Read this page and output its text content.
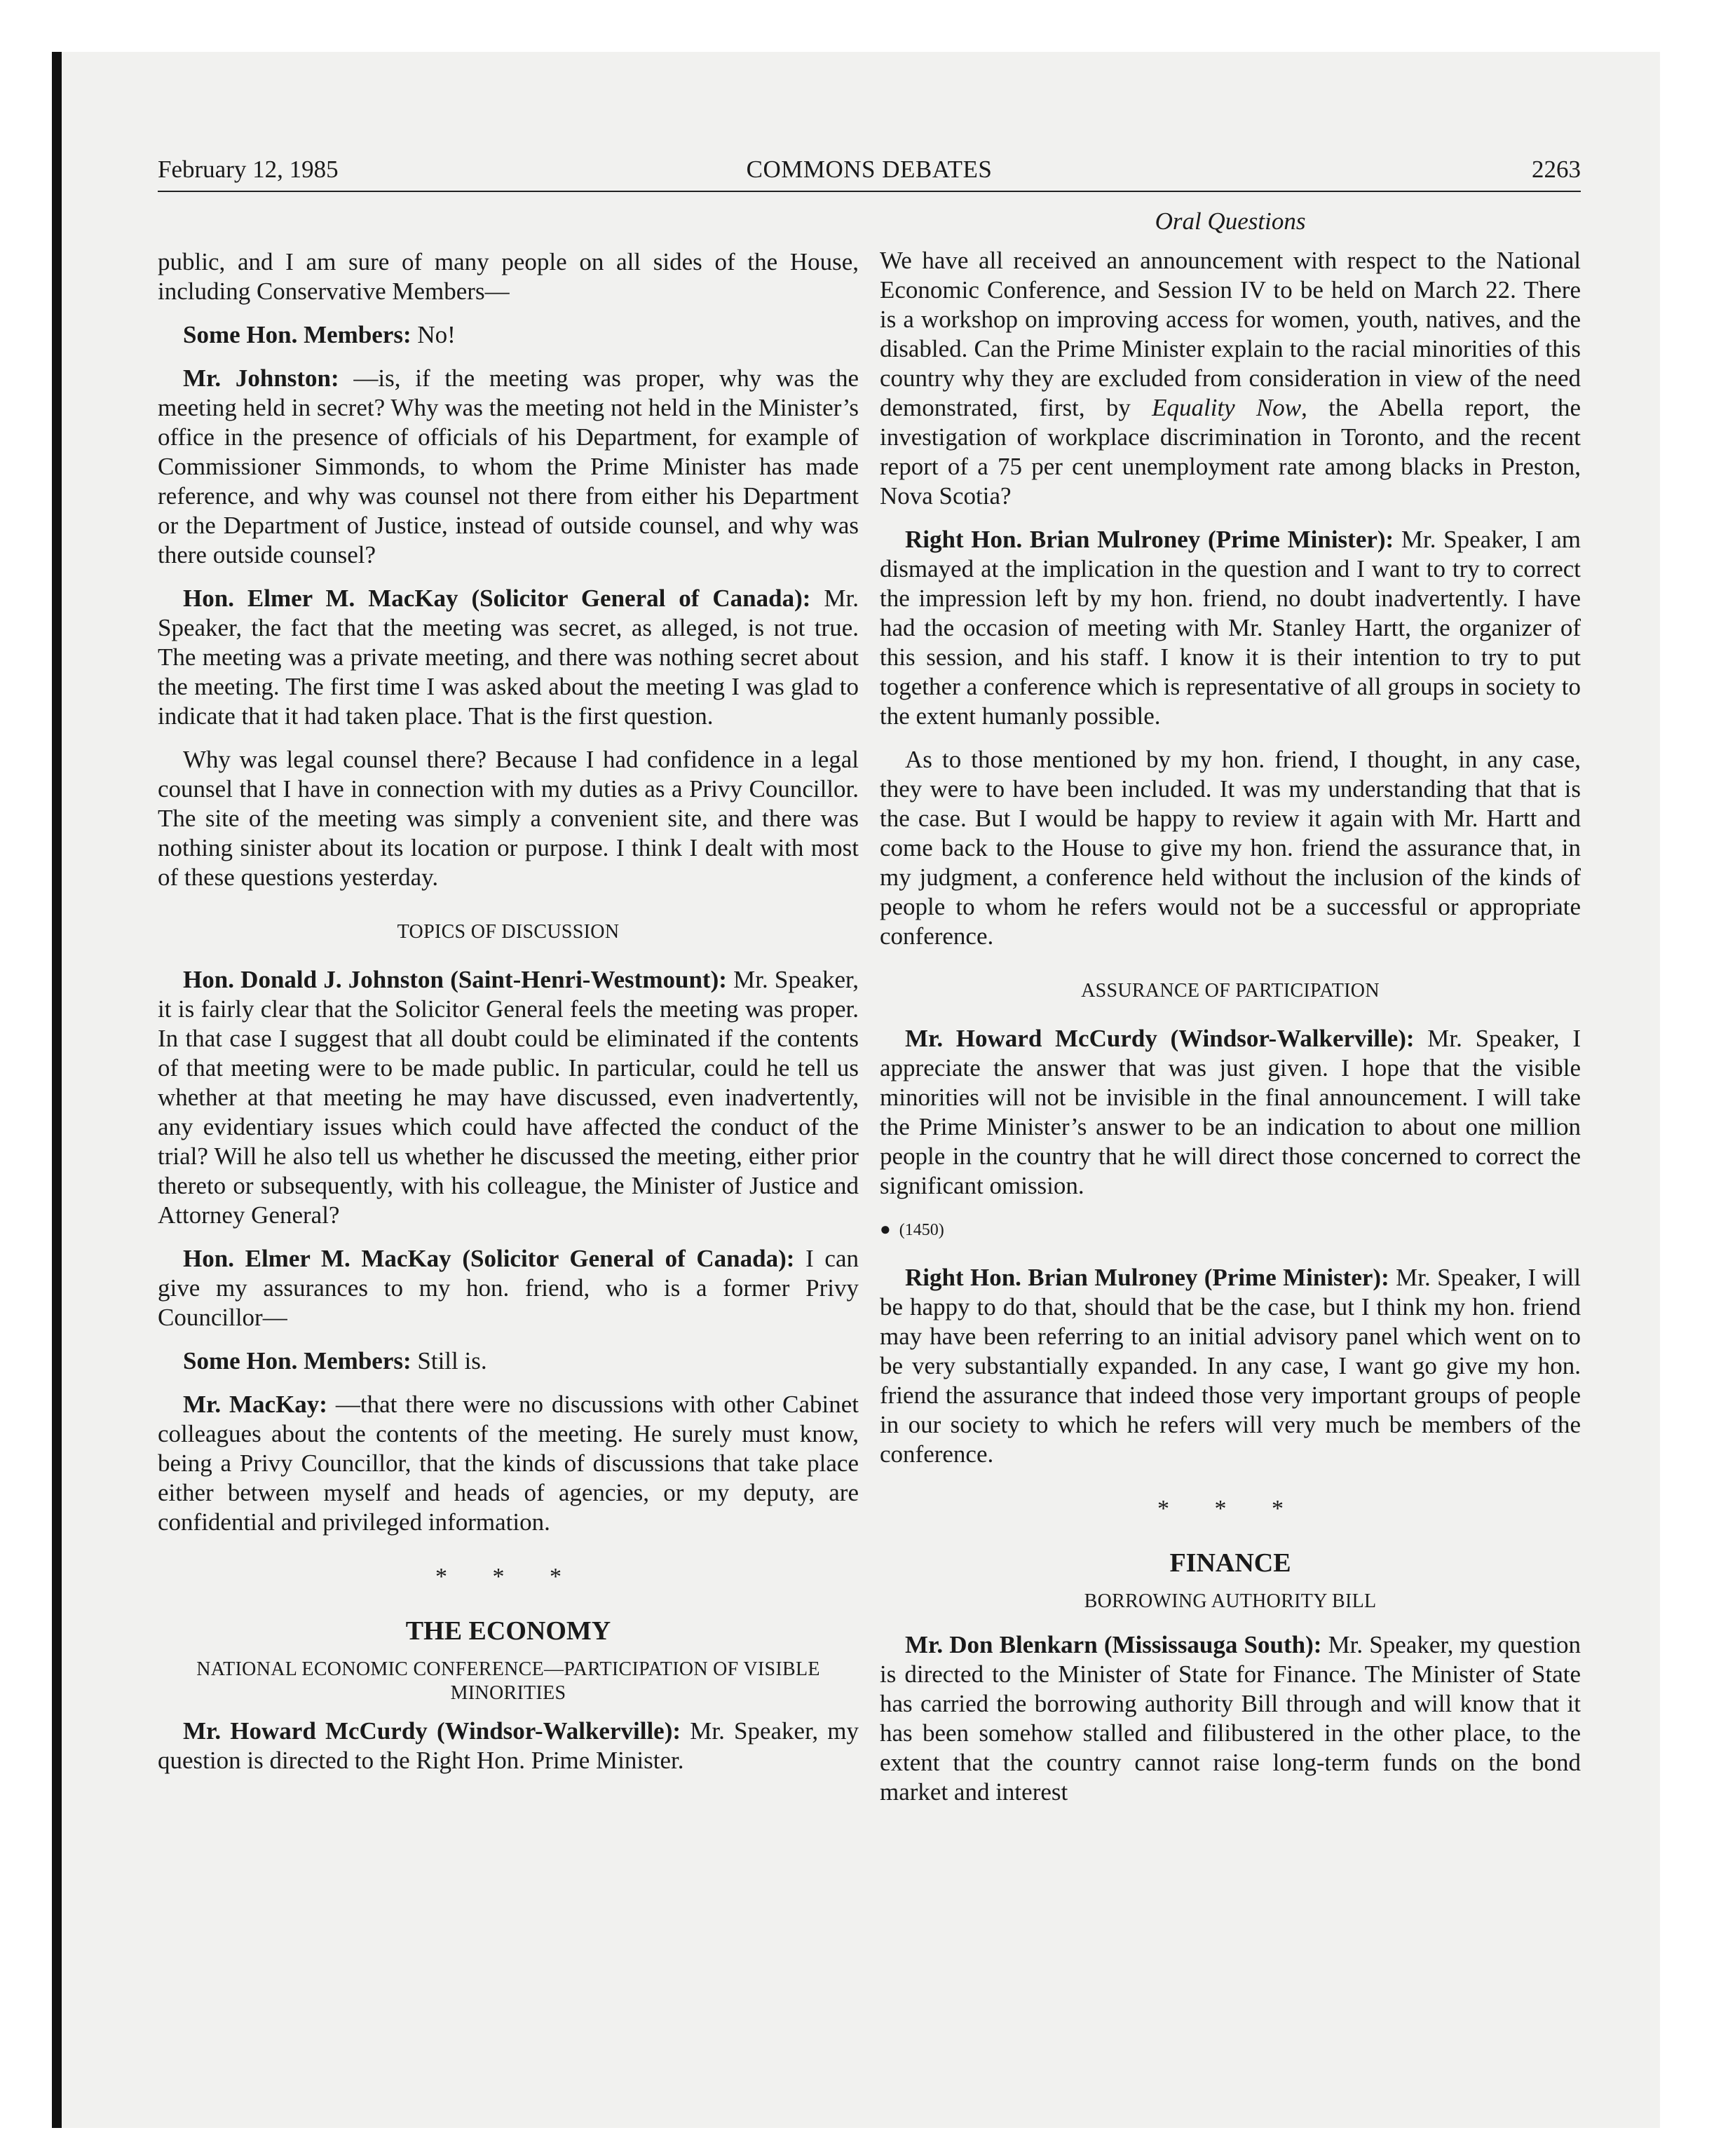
February 12, 1985	COMMONS DEBATES	2263

public, and I am sure of many people on all sides of the House, including Conservative Members—

Some Hon. Members: No!

Mr. Johnston: —is, if the meeting was proper, why was the meeting held in secret? Why was the meeting not held in the Minister’s office in the presence of officials of his Department, for example of Commissioner Simmonds, to whom the Prime Minister has made reference, and why was counsel not there from either his Department or the Department of Justice, instead of outside counsel, and why was there outside counsel?

Hon. Elmer M. MacKay (Solicitor General of Canada): Mr. Speaker, the fact that the meeting was secret, as alleged, is not true. The meeting was a private meeting, and there was nothing secret about the meeting. The first time I was asked about the meeting I was glad to indicate that it had taken place. That is the first question.

Why was legal counsel there? Because I had confidence in a legal counsel that I have in connection with my duties as a Privy Councillor. The site of the meeting was simply a convenient site, and there was nothing sinister about its location or purpose. I think I dealt with most of these questions yesterday.

TOPICS OF DISCUSSION

Hon. Donald J. Johnston (Saint-Henri-Westmount): Mr. Speaker, it is fairly clear that the Solicitor General feels the meeting was proper. In that case I suggest that all doubt could be eliminated if the contents of that meeting were to be made public. In particular, could he tell us whether at that meeting he may have discussed, even inadvertently, any evidentiary issues which could have affected the conduct of the trial? Will he also tell us whether he discussed the meeting, either prior thereto or subsequently, with his colleague, the Minister of Justice and Attorney General?

Hon. Elmer M. MacKay (Solicitor General of Canada): I can give my assurances to my hon. friend, who is a former Privy Councillor—

Some Hon. Members: Still is.

Mr. MacKay: —that there were no discussions with other Cabinet colleagues about the contents of the meeting. He surely must know, being a Privy Councillor, that the kinds of discussions that take place either between myself and heads of agencies, or my deputy, are confidential and privileged information.

* * *
THE ECONOMY
NATIONAL ECONOMIC CONFERENCE—PARTICIPATION OF VISIBLE MINORITIES

Mr. Howard McCurdy (Windsor-Walkerville): Mr. Speaker, my question is directed to the Right Hon. Prime Minister.

Oral Questions

We have all received an announcement with respect to the National Economic Conference, and Session IV to be held on March 22. There is a workshop on improving access for women, youth, natives, and the disabled. Can the Prime Minister explain to the racial minorities of this country why they are excluded from consideration in view of the need demonstrated, first, by Equality Now, the Abella report, the investigation of workplace discrimination in Toronto, and the recent report of a 75 per cent unemployment rate among blacks in Preston, Nova Scotia?

Right Hon. Brian Mulroney (Prime Minister): Mr. Speaker, I am dismayed at the implication in the question and I want to try to correct the impression left by my hon. friend, no doubt inadvertently. I have had the occasion of meeting with Mr. Stanley Hartt, the organizer of this session, and his staff. I know it is their intention to try to put together a conference which is representative of all groups in society to the extent humanly possible.

As to those mentioned by my hon. friend, I thought, in any case, they were to have been included. It was my understanding that that is the case. But I would be happy to review it again with Mr. Hartt and come back to the House to give my hon. friend the assurance that, in my judgment, a conference held without the inclusion of the kinds of people to whom he refers would not be a successful or appropriate conference.

ASSURANCE OF PARTICIPATION

Mr. Howard McCurdy (Windsor-Walkerville): Mr. Speaker, I appreciate the answer that was just given. I hope that the visible minorities will not be invisible in the final announcement. I will take the Prime Minister’s answer to be an indication to about one million people in the country that he will direct those concerned to correct the significant omission.

● (1450)

Right Hon. Brian Mulroney (Prime Minister): Mr. Speaker, I will be happy to do that, should that be the case, but I think my hon. friend may have been referring to an initial advisory panel which went on to be very substantially expanded. In any case, I want go give my hon. friend the assurance that indeed those very important groups of people in our society to which he refers will very much be members of the conference.

* * *
FINANCE
BORROWING AUTHORITY BILL

Mr. Don Blenkarn (Mississauga South): Mr. Speaker, my question is directed to the Minister of State for Finance. The Minister of State has carried the borrowing authority Bill through and will know that it has been somehow stalled and filibustered in the other place, to the extent that the country cannot raise long-term funds on the bond market and interest
